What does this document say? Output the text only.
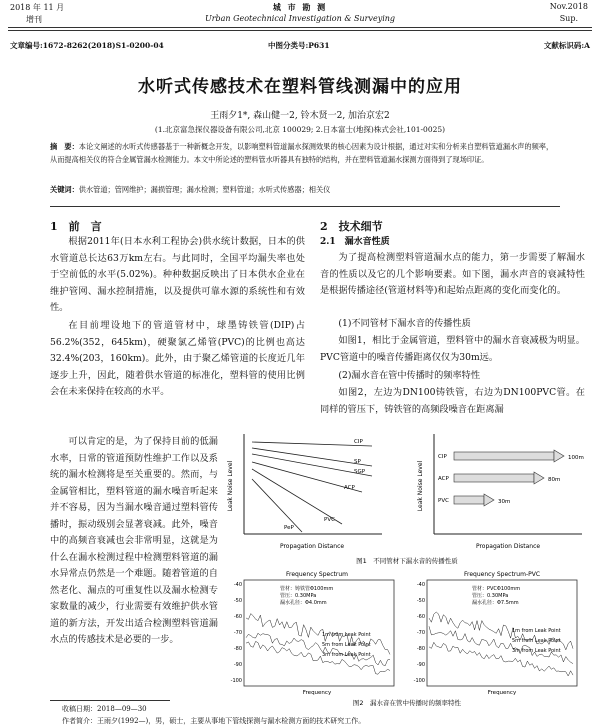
2018 年 11 月
增刊
城 市 勘 测
Urban Geotechnical Investigation & Surveying
Nov.2018
Sup.
文章编号:1672-8262(2018)S1-0200-04	中图分类号:P631	文献标识码:A
水听式传感技术在塑料管线测漏中的应用
王雨夕1*, 森山健一2, 铃木贤一2, 加治京宏2
(1.北京富急探仪器设备有限公司,北京 100029; 2.日本富士(地探)株式会社,101-0025)
摘　要：本论文阐述的水听式传感器基于一种新概念开发，以影响塑料管道漏水探测效果的核心因素为设计根据，通过对实和分析来自塑料管道漏水声的频率，从而提高相关仪的符合金属管漏水检测能力。本文中所论述的塑料管水听器具有独特的结构，并在塑料管道漏水探测方面得到了现场印证。
关键词：供水管道；管网维护；漏损管理；漏水检测；塑料管道；水听式传感器；相关仪
1　前　言
根据2011年(日本水利工程协会)供水统计数据，日本的供水管道总长达63万km左右。与此同时，全国平均漏失率也处于空前低的水平(5.02%)。种种数据反映出了日本供水企业在维护管网、漏水控制措施，以及提供可靠水源的系统性和有效性。
在目前埋设地下的管道管材中，球墨铸铁管(DIP)占56.2%(352，645km)，硬聚氯乙烯管(PVC)的比例也高达32.4%(203，160km)。此外，由于聚乙烯管道的长度近几年逐步上升，因此，随着供水管道的标准化，塑料管的使用比例会在未来保持在较高的水平。
可以肯定的是，为了保持目前的低漏水率，日常的管道预防性维护工作以及系统的漏水检测将是至关重要的。然而，与金属管相比，塑料管道的漏水噪音听起来并不容易，因为当漏水噪音通过塑料管传播时，振动级别会显著衰减。此外，噪音中的高频音衰减也会非常明显，这就是为什么在漏水检测过程中检测塑料管道的漏水异常点仍然是一个难题。随着管道的自然老化、漏点的可重复性以及漏水检测专家数量的减少，行业需要有效维护供水管道的新方法，开发出适合检测塑料管道漏水点的传感技术是必要的一步。
2　技术细节
2.1　漏水音性质
为了提高检测塑料管道漏水点的能力，第一步需要了解漏水音的性质以及它的几个影响要素。如下图，漏水声音的衰减特性是根据传播途径(管道材料等)和起始点距离的变化而变化的。
(1)不同管材下漏水音的传播性质
如图1，相比于金属管道，塑料管中的漏水音衰减极为明显。PVC管道中的噪音传播距离仅仅为30m远。
(2)漏水音在管中传播时的频率特性
如图2，左边为DN100铸铁管，右边为DN100PVC管。在同样的管压下，铸铁管的高频段噪音在距离漏
Leak Noise Level
Propagation Distance
CIP
SP
SGP
ACP
PVC
PeP
Leak Noise Level
Propagation Distance
CIP	100m
ACP	80m
PVC	30m
图1　不同管材下漏水音的传播性质
Frequency Spectrum	Frequency Spectrum-PVC
-40	-40
-50	-50
-60	-60
-70	-70
-80	-80
-90	-90
-100	-100
管材：铸铁管Φ100mm
管压：0.30MPa
漏水孔径：Φ4.0mm
管材：PVCΦ100mm
管压：0.30MPa
漏水孔径：Φ7.5mm
1m from Leak Point
5m from Leak Point
3m from Leak Point
1m from Leak Point
5m from Leak Point
3m from Leak Point
Frequency	Frequency
图2　漏水音在管中传播时的频率特性
收稿日期：2018—09—30
作者简介：王雨夕(1992—)，男，硕士，主要从事地下管线探测与漏水检测方面的技术研究工作。
